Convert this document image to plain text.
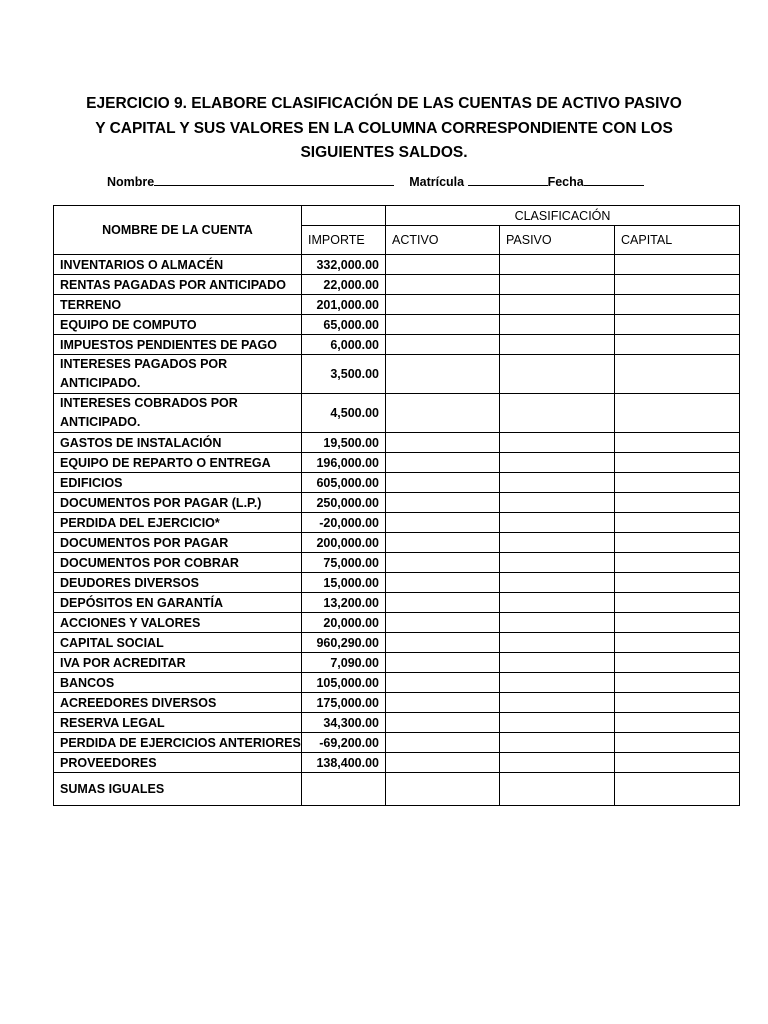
EJERCICIO 9. ELABORE CLASIFICACIÓN DE LAS CUENTAS DE ACTIVO PASIVO
Y CAPITAL Y SUS VALORES EN LA COLUMNA CORRESPONDIENTE CON LOS
SIGUIENTES SALDOS.
Nombre	Matrícula	Fecha
NOMBRE DE LA CUENTA		CLASIFICACIÓN		
	IMPORTE	ACTIVO	PASIVO	CAPITAL
INVENTARIOS O ALMACÉN	332,000.00			
RENTAS PAGADAS POR ANTICIPADO	22,000.00			
TERRENO	201,000.00			
EQUIPO DE COMPUTO	65,000.00			
IMPUESTOS PENDIENTES DE PAGO	6,000.00			
INTERESES PAGADOS POR ANTICIPADO.	3,500.00			
INTERESES COBRADOS POR ANTICIPADO.	4,500.00			
GASTOS DE INSTALACIÓN	19,500.00			
EQUIPO DE REPARTO O ENTREGA	196,000.00			
EDIFICIOS	605,000.00			
DOCUMENTOS POR PAGAR (L.P.)	250,000.00			
PERDIDA DEL EJERCICIO*	-20,000.00			
DOCUMENTOS POR PAGAR	200,000.00			
DOCUMENTOS POR COBRAR	75,000.00			
DEUDORES DIVERSOS	15,000.00			
DEPÓSITOS EN GARANTÍA	13,200.00			
ACCIONES Y VALORES	20,000.00			
CAPITAL SOCIAL	960,290.00			
IVA POR ACREDITAR	7,090.00			
BANCOS	105,000.00			
ACREEDORES DIVERSOS	175,000.00			
RESERVA LEGAL	34,300.00			
PERDIDA DE EJERCICIOS ANTERIORES	-69,200.00			
PROVEEDORES	138,400.00			
SUMAS IGUALES				
